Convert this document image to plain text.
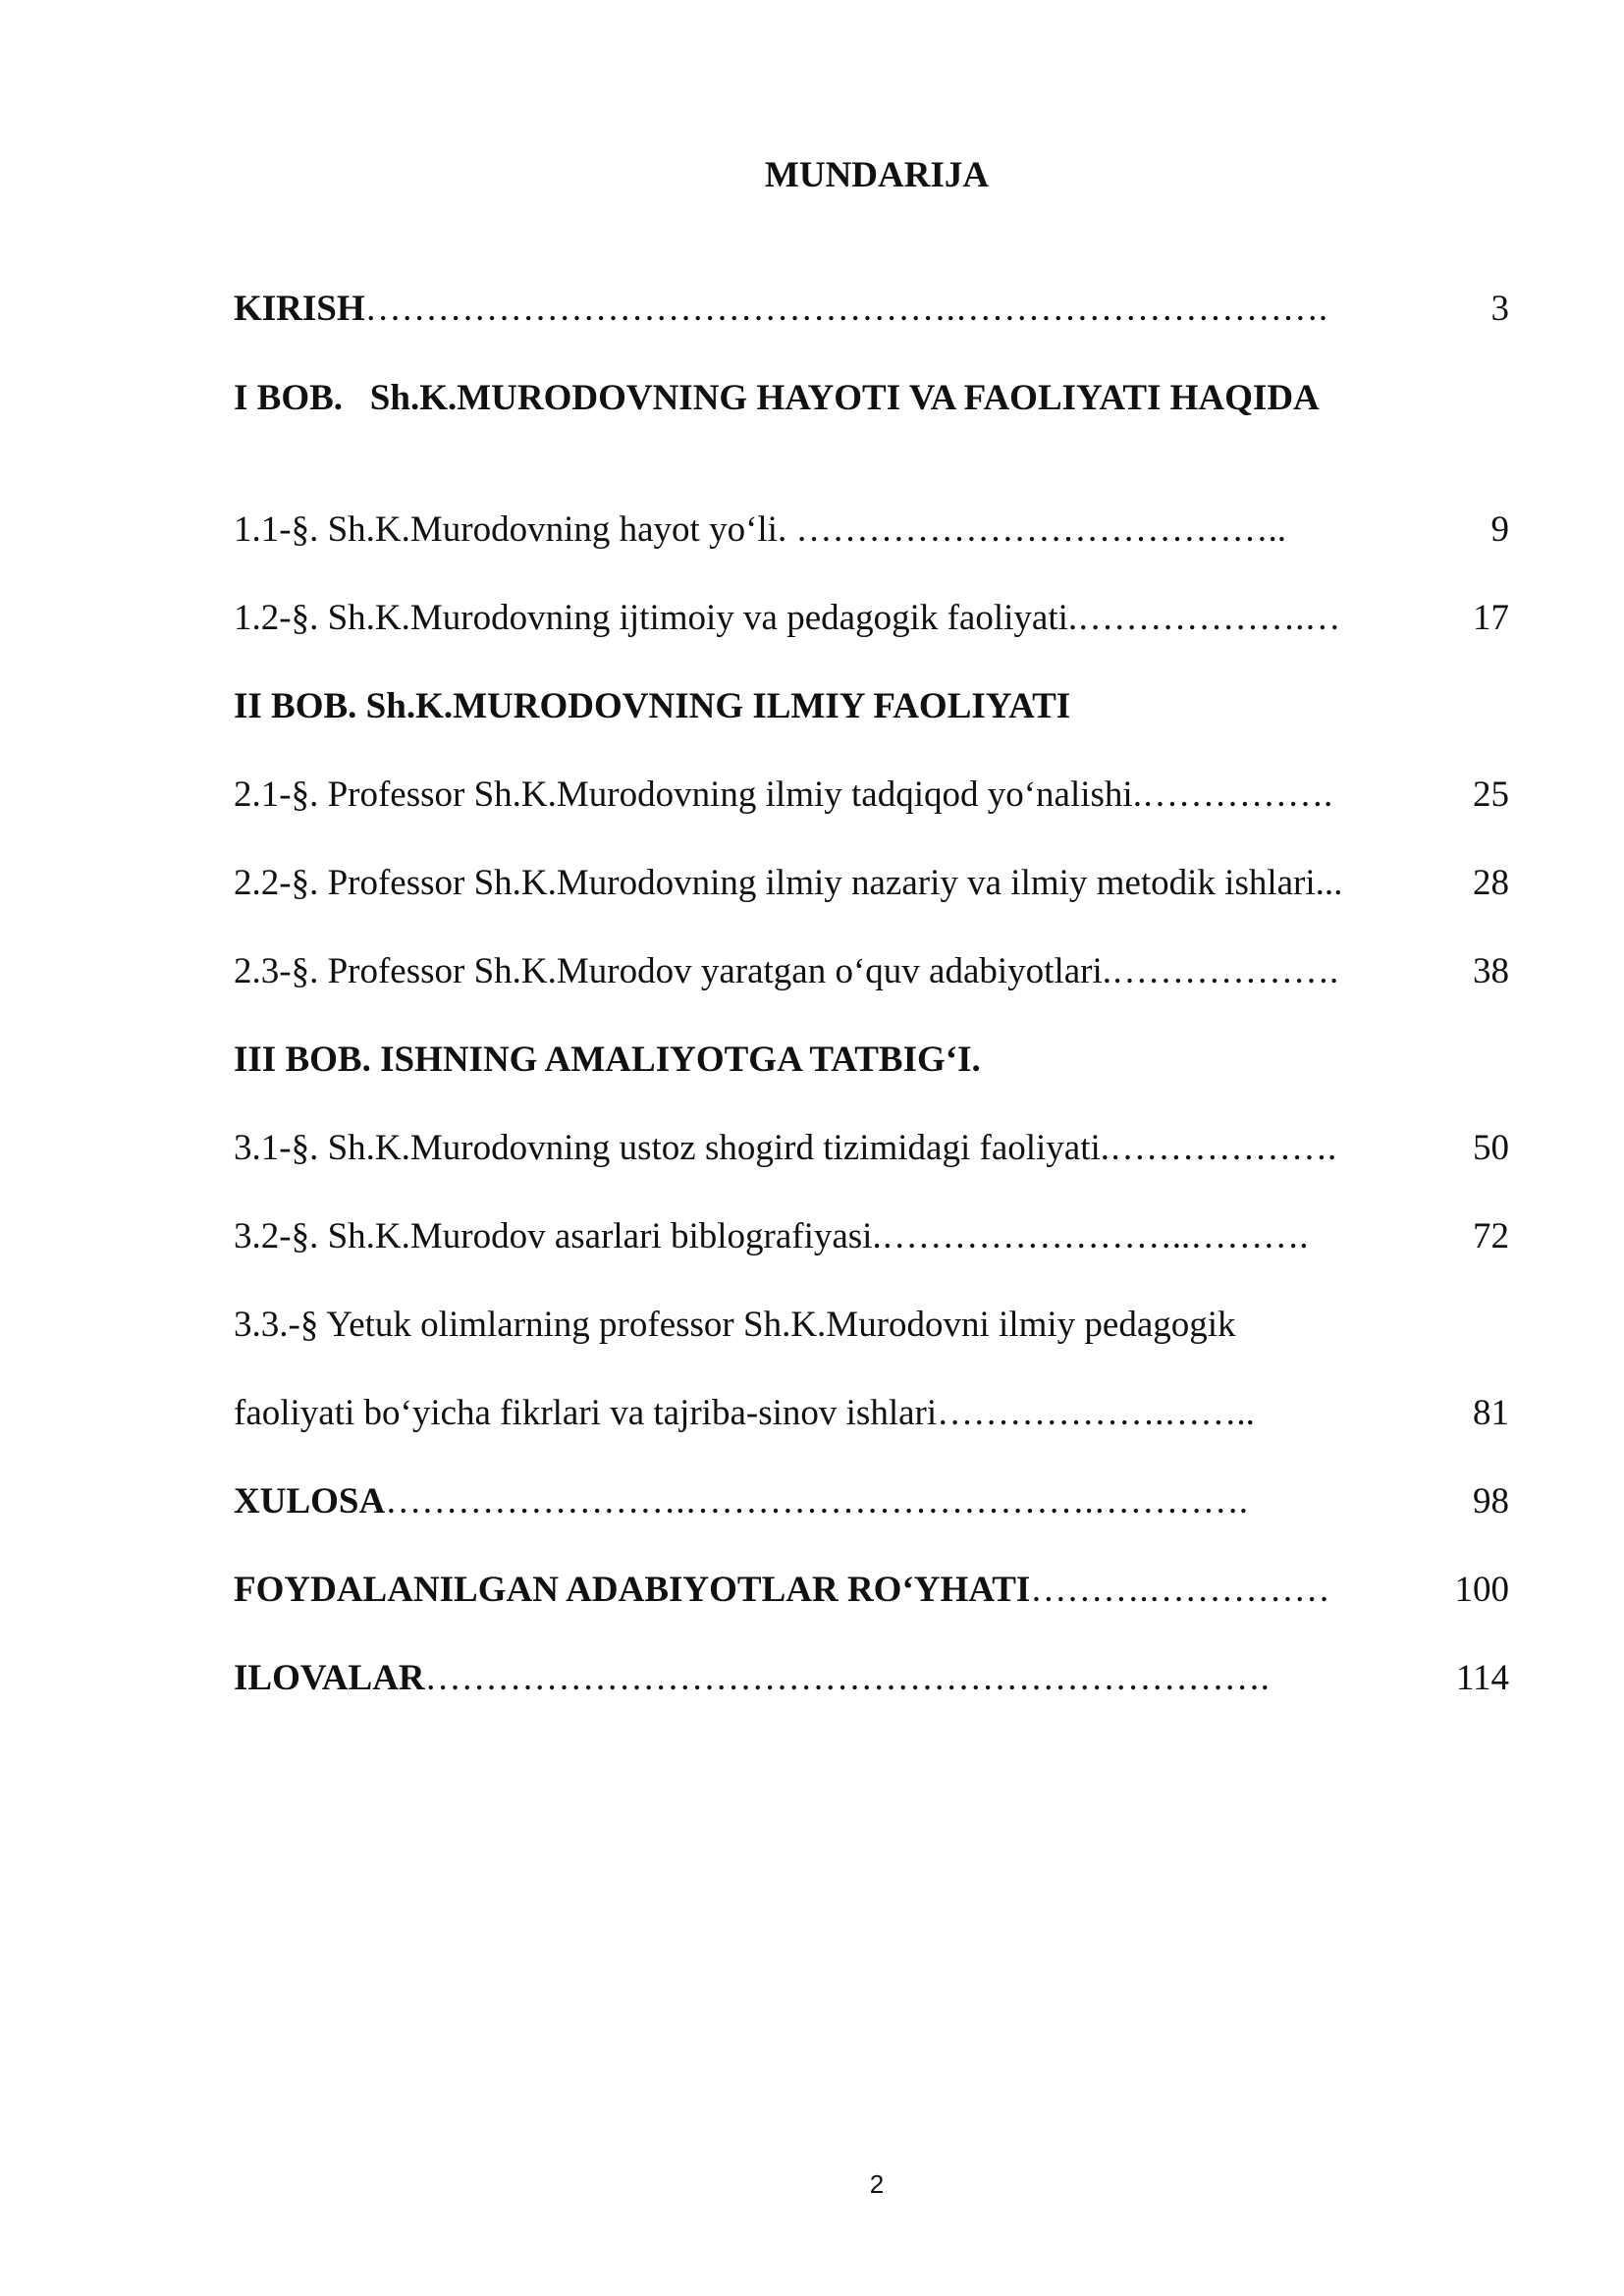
MUNDARIJA
KIRISH………………………………………….………………………….	3
I BOB.   Sh.K.MURODOVNING HAYOTI VA FAOLIYATI HAQIDA
1.1-§. Sh.K.Murodovning hayot yo‘li. …………………………………..	9
1.2-§. Sh.K.Murodovning ijtimoiy va pedagogik faoliyati.……………….…	17
II BOB. Sh.K.MURODOVNING ILMIY FAOLIYATI
2.1-§. Professor Sh.K.Murodovning ilmiy tadqiqod yo‘nalishi.…………….	25
2.2-§. Professor Sh.K.Murodovning ilmiy nazariy va ilmiy metodik ishlari...	28
2.3-§. Professor Sh.K.Murodov yaratgan o‘quv adabiyotlari.……………….	38
III BOB. ISHNING AMALIYOTGA TATBIG‘I.
3.1-§. Sh.K.Murodovning ustoz shogird tizimidagi faoliyati.……………….	50
3.2-§. Sh.K.Murodov asarlari biblografiyasi.……………………..……….	72
3.3.-§ Yetuk olimlarning professor Sh.K.Murodovni ilmiy pedagogik
faoliyati bo‘yicha fikrlari va tajriba-sinov ishlari……………….……..	81
XULOSA…………………….…………………………….………….	98
FOYDALANILGAN ADABIYOTLAR RO‘YHATI……….……………	100
ILOVALAR…………………………………………………………….	114
2
